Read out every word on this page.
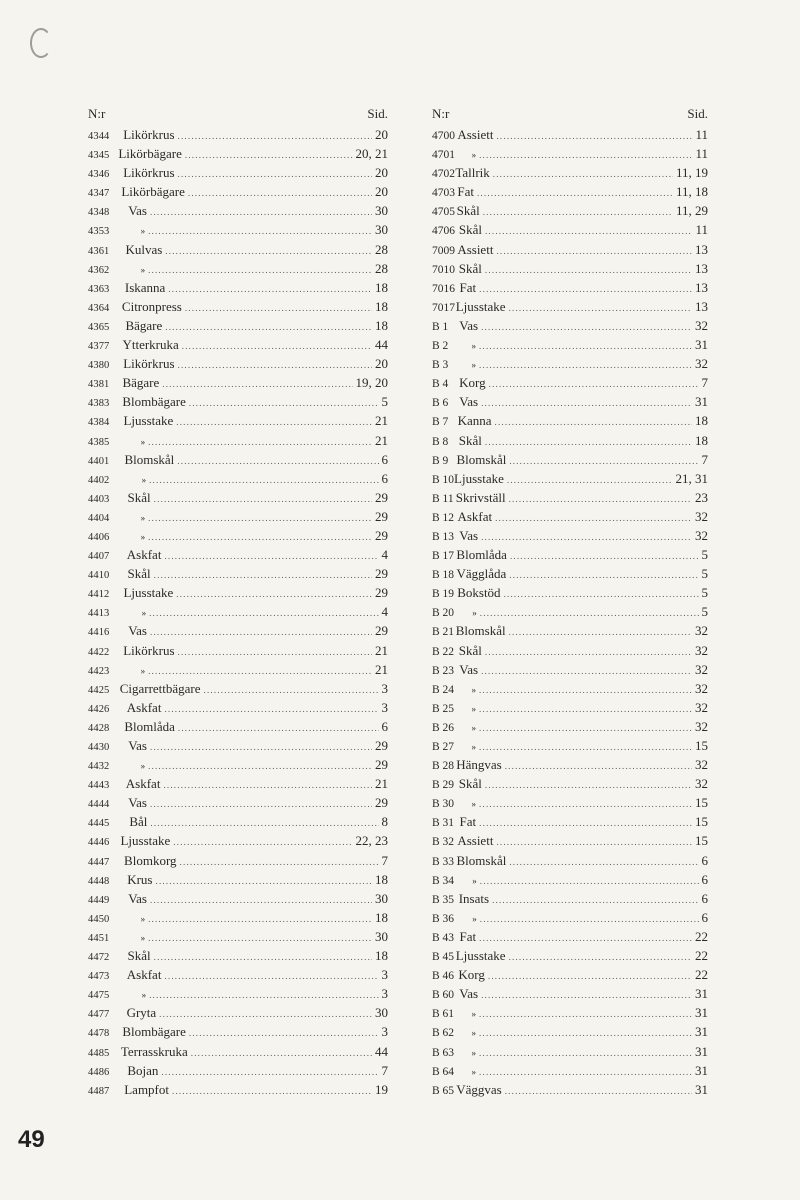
N:r	Sid.
4344	Likörkrus .....	20
4345 Likörbägare .....	20, 21
4346	Likörkrus .....	20
4347 Likörbägare .....	20
4348	Vas .....	30
4353	» .....	30
4361	Kulvas .....	28
4362	» .....	28
4363	Iskanna .....	18
4364 Citronpress .....	18
4365	Bägare .....	18
4377	Ytterkruka .....	44
4380	Likörkrus .....	20
4381	Bägare .....	19, 20
4383 Blombägare .....	5
4384	Ljusstake .....	21
4385	» .....	21
4401	Blomskål .....	6
4402	» .....	6
4403	Skål .....	29
4404	» .....	29
4406	» .....	29
4407	Askfat .....	4
4410	Skål .....	29
4412	Ljusstake .....	29
4413	» .....	4
4416	Vas .....	29
4422	Likörkrus .....	21
4423	» .....	21
4425 Cigarrettbägare .....	3
4426	Askfat .....	3
4428	Blomlåda .....	6
4430	Vas .....	29
4432	» .....	29
4443	Askfat .....	21
4444	Vas .....	29
4445	Bål .....	8
4446 Ljusstake .....	22, 23
4447	Blomkorg .....	7
4448	Krus .....	18
4449	Vas .....	30
4450	» .....	18
4451	» .....	30
4472	Skål .....	18
4473	Askfat .....	3
4475	» .....	3
4477	Gryta .....	30
4478 Blombägare .....	3
4485 Terrasskruka .....	44
4486	Bojan .....	7
4487	Lampfot .....	19
N:r	Sid.
4700 Assiett .....	11
4701	» .....	11
4702 Tallrik .....	11, 19
4703 Fat .....	11, 18
4705 Skål .....	11, 29
4706 Skål .....	11
7009 Assiett .....	13
7010 Skål .....	13
7016 Fat .....	13
7017 Ljusstake .....	13
B 1 Vas .....	32
B 2	» .....	31
B 3	» .....	32
B 4 Korg .....	7
B 6 Vas .....	31
B 7 Kanna .....	18
B 8 Skål .....	18
B 9 Blomskål .....	7
B 10 Ljusstake .....	21, 31
B 11 Skrivställ .....	23
B 12 Askfat .....	32
B 13 Vas .....	32
B 17 Blomlåda .....	5
B 18 Vägglåda .....	5
B 19 Bokstöd .....	5
B 20	» .....	5
B 21 Blomskål .....	32
B 22 Skål .....	32
B 23 Vas .....	32
B 24	» .....	32
B 25	» .....	32
B 26	» .....	32
B 27	» .....	15
B 28 Hängvas .....	32
B 29 Skål .....	32
B 30	» .....	15
B 31 Fat .....	15
B 32 Assiett .....	15
B 33 Blomskål .....	6
B 34	» .....	6
B 35 Insats .....	6
B 36	» .....	6
B 43 Fat .....	22
B 45 Ljusstake .....	22
B 46 Korg .....	22
B 60 Vas .....	31
B 61	» .....	31
B 62	» .....	31
B 63	» .....	31
B 64	» .....	31
B 65 Väggvas .....	31
49
